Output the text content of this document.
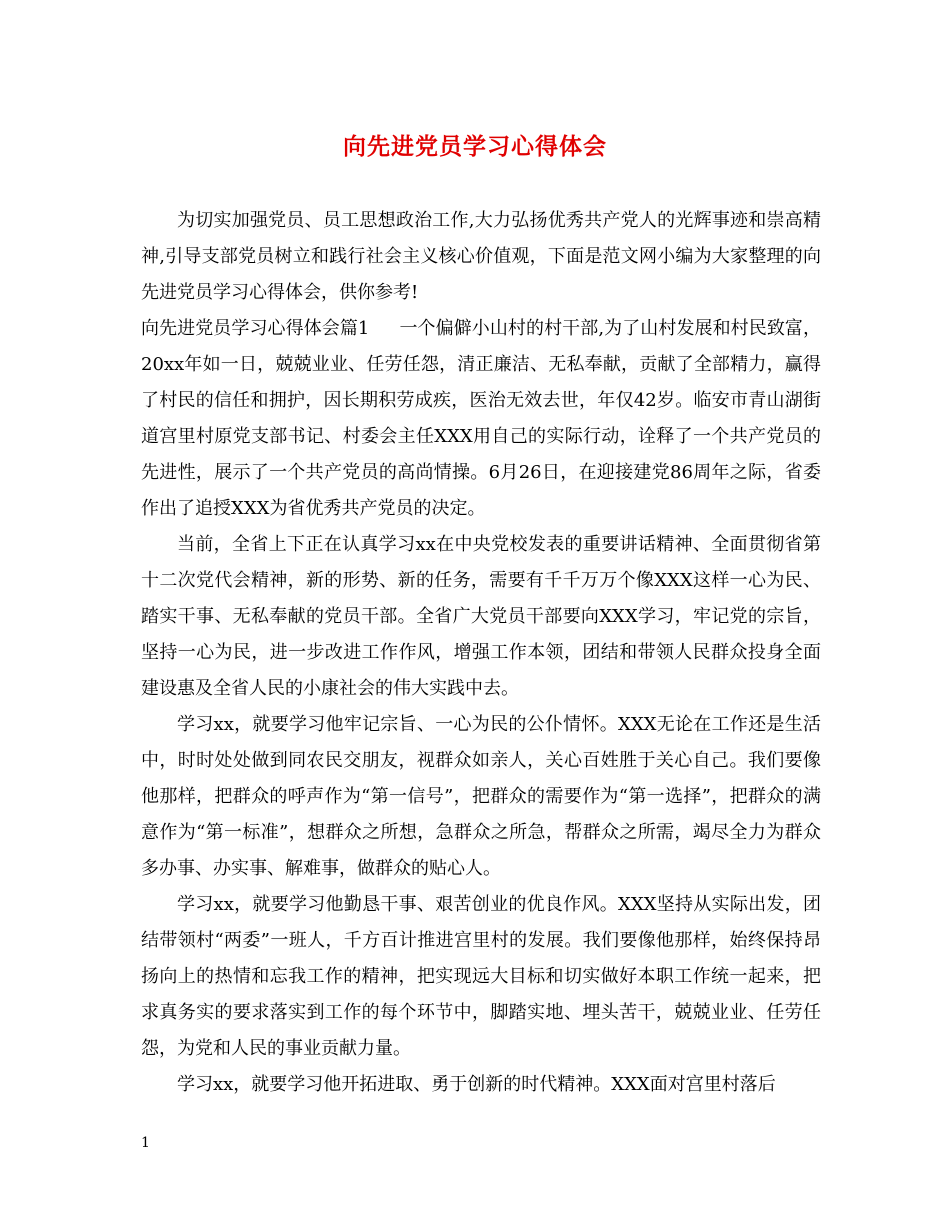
向先进党员学习心得体会

为切实加强党员、员工思想政治工作,大力弘扬优秀共产党人的光辉事迹和崇高精神,引导支部党员树立和践行社会主义核心价值观，下面是范文网小编为大家整理的向先进党员学习心得体会，供你参考!

向先进党员学习心得体会篇1 一个偏僻小山村的村干部,为了山村发展和村民致富，20xx年如一日，兢兢业业、任劳任怨，清正廉洁、无私奉献，贡献了全部精力，赢得了村民的信任和拥护，因长期积劳成疾，医治无效去世，年仅42岁。临安市青山湖街道宫里村原党支部书记、村委会主任XXX用自己的实际行动，诠释了一个共产党员的先进性，展示了一个共产党员的高尚情操。6月26日，在迎接建党86周年之际，省委作出了追授XXX为省优秀共产党员的决定。

当前，全省上下正在认真学习xx在中央党校发表的重要讲话精神、全面贯彻省第十二次党代会精神，新的形势、新的任务，需要有千千万万个像XXX这样一心为民、踏实干事、无私奉献的党员干部。全省广大党员干部要向XXX学习，牢记党的宗旨，坚持一心为民，进一步改进工作作风，增强工作本领，团结和带领人民群众投身全面建设惠及全省人民的小康社会的伟大实践中去。

学习xx，就要学习他牢记宗旨、一心为民的公仆情怀。XXX无论在工作还是生活中，时时处处做到同农民交朋友，视群众如亲人，关心百姓胜于关心自己。我们要像他那样，把群众的呼声作为“第一信号”，把群众的需要作为“第一选择”，把群众的满意作为“第一标准”，想群众之所想，急群众之所急，帮群众之所需，竭尽全力为群众多办事、办实事、解难事，做群众的贴心人。

学习xx，就要学习他勤恳干事、艰苦创业的优良作风。XXX坚持从实际出发，团结带领村“两委”一班人，千方百计推进宫里村的发展。我们要像他那样，始终保持昂扬向上的热情和忘我工作的精神，把实现远大目标和切实做好本职工作统一起来，把求真务实的要求落实到工作的每个环节中，脚踏实地、埋头苦干，兢兢业业、任劳任怨，为党和人民的事业贡献力量。

学习xx，就要学习他开拓进取、勇于创新的时代精神。XXX面对宫里村落后

1
